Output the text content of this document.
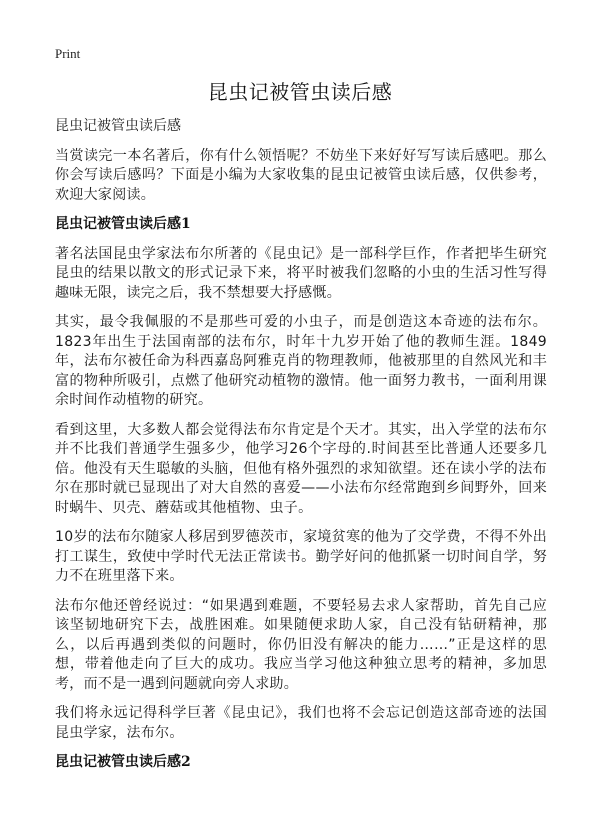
Print
昆虫记被管虫读后感
昆虫记被管虫读后感

当赏读完一本名著后，你有什么领悟呢？不妨坐下来好好写写读后感吧。那么你会写读后感吗？下面是小编为大家收集的昆虫记被管虫读后感，仅供参考，欢迎大家阅读。

昆虫记被管虫读后感1

著名法国昆虫学家法布尔所著的《昆虫记》是一部科学巨作，作者把毕生研究昆虫的结果以散文的形式记录下来，将平时被我们忽略的小虫的生活习性写得趣味无限，读完之后，我不禁想要大抒感慨。

其实，最令我佩服的不是那些可爱的小虫子，而是创造这本奇迹的法布尔。1823年出生于法国南部的法布尔，时年十九岁开始了他的教师生涯。1849年，法布尔被任命为科西嘉岛阿雅克肖的物理教师，他被那里的自然风光和丰富的物种所吸引，点燃了他研究动植物的激情。他一面努力教书，一面利用课余时间作动植物的研究。

看到这里，大多数人都会觉得法布尔肯定是个天才。其实，出入学堂的法布尔并不比我们普通学生强多少，他学习26个字母的.时间甚至比普通人还要多几倍。他没有天生聪敏的头脑，但他有格外强烈的求知欲望。还在读小学的法布尔在那时就已显现出了对大自然的喜爱——小法布尔经常跑到乡间野外，回来时蜗牛、贝壳、蘑菇或其他植物、虫子。

10岁的法布尔随家人移居到罗德茨市，家境贫寒的他为了交学费，不得不外出打工谋生，致使中学时代无法正常读书。勤学好问的他抓紧一切时间自学，努力不在班里落下来。

法布尔他还曾经说过：“如果遇到难题，不要轻易去求人家帮助，首先自己应该坚韧地研究下去，战胜困难。如果随便求助人家，自己没有钻研精神，那么，以后再遇到类似的问题时，你仍旧没有解决的能力……”正是这样的思想，带着他走向了巨大的成功。我应当学习他这种独立思考的精神，多加思考，而不是一遇到问题就向旁人求助。

我们将永远记得科学巨著《昆虫记》，我们也将不会忘记创造这部奇迹的法国昆虫学家，法布尔。

昆虫记被管虫读后感2
